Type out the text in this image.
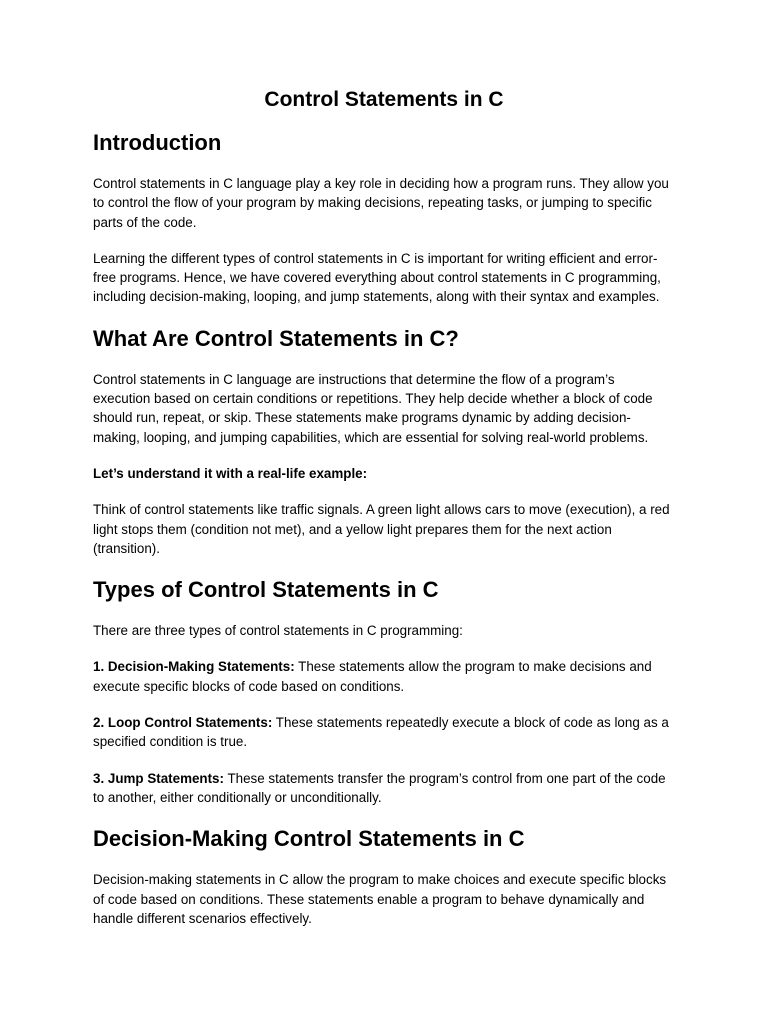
Control Statements in C
Introduction

Control statements in C language play a key role in deciding how a program runs. They allow you to control the flow of your program by making decisions, repeating tasks, or jumping to specific parts of the code.

Learning the different types of control statements in C is important for writing efficient and error-free programs. Hence, we have covered everything about control statements in C programming, including decision-making, looping, and jump statements, along with their syntax and examples.

What Are Control Statements in C?

Control statements in C language are instructions that determine the flow of a program’s execution based on certain conditions or repetitions. They help decide whether a block of code should run, repeat, or skip. These statements make programs dynamic by adding decision-making, looping, and jumping capabilities, which are essential for solving real-world problems.

Let’s understand it with a real-life example:

Think of control statements like traffic signals. A green light allows cars to move (execution), a red light stops them (condition not met), and a yellow light prepares them for the next action (transition).

Types of Control Statements in C

There are three types of control statements in C programming:

1. Decision-Making Statements: These statements allow the program to make decisions and execute specific blocks of code based on conditions.

2. Loop Control Statements: These statements repeatedly execute a block of code as long as a specified condition is true.

3. Jump Statements: These statements transfer the program’s control from one part of the code to another, either conditionally or unconditionally.

Decision-Making Control Statements in C

Decision-making statements in C allow the program to make choices and execute specific blocks of code based on conditions. These statements enable a program to behave dynamically and handle different scenarios effectively.
